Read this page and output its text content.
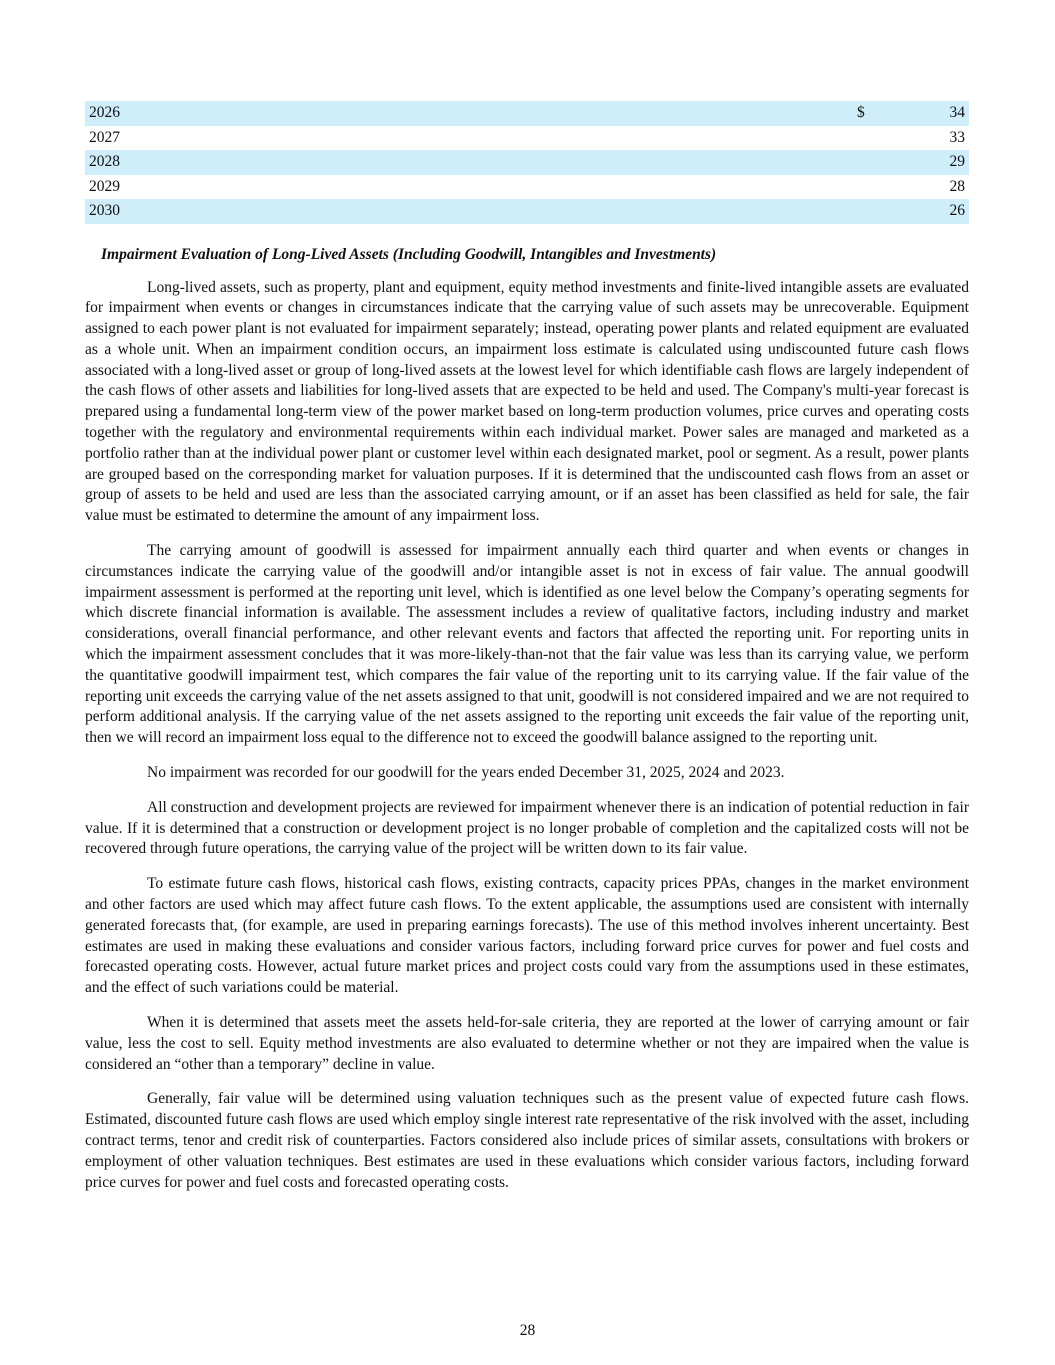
2026	$	34
2027		33
2028		29
2029		28
2030		26
Impairment Evaluation of Long-Lived Assets (Including Goodwill, Intangibles and Investments)

Long-lived assets, such as property, plant and equipment, equity method investments and finite-lived intangible assets are evaluated for impairment when events or changes in circumstances indicate that the carrying value of such assets may be unrecoverable. Equipment assigned to each power plant is not evaluated for impairment separately; instead, operating power plants and related equipment are evaluated as a whole unit. When an impairment condition occurs, an impairment loss estimate is calculated using undiscounted future cash flows associated with a long-lived asset or group of long-lived assets at the lowest level for which identifiable cash flows are largely independent of the cash flows of other assets and liabilities for long-lived assets that are expected to be held and used. The Company's multi-year forecast is prepared using a fundamental long-term view of the power market based on long-term production volumes, price curves and operating costs together with the regulatory and environmental requirements within each individual market. Power sales are managed and marketed as a portfolio rather than at the individual power plant or customer level within each designated market, pool or segment. As a result, power plants are grouped based on the corresponding market for valuation purposes. If it is determined that the undiscounted cash flows from an asset or group of assets to be held and used are less than the associated carrying amount, or if an asset has been classified as held for sale, the fair value must be estimated to determine the amount of any impairment loss.

The carrying amount of goodwill is assessed for impairment annually each third quarter and when events or changes in circumstances indicate the carrying value of the goodwill and/or intangible asset is not in excess of fair value. The annual goodwill impairment assessment is performed at the reporting unit level, which is identified as one level below the Company’s operating segments for which discrete financial information is available. The assessment includes a review of qualitative factors, including industry and market considerations, overall financial performance, and other relevant events and factors that affected the reporting unit. For reporting units in which the impairment assessment concludes that it was more-likely-than-not that the fair value was less than its carrying value, we perform the quantitative goodwill impairment test, which compares the fair value of the reporting unit to its carrying value. If the fair value of the reporting unit exceeds the carrying value of the net assets assigned to that unit, goodwill is not considered impaired and we are not required to perform additional analysis. If the carrying value of the net assets assigned to the reporting unit exceeds the fair value of the reporting unit, then we will record an impairment loss equal to the difference not to exceed the goodwill balance assigned to the reporting unit.

No impairment was recorded for our goodwill for the years ended December 31, 2025, 2024 and 2023.

All construction and development projects are reviewed for impairment whenever there is an indication of potential reduction in fair value. If it is determined that a construction or development project is no longer probable of completion and the capitalized costs will not be recovered through future operations, the carrying value of the project will be written down to its fair value.

To estimate future cash flows, historical cash flows, existing contracts, capacity prices PPAs, changes in the market environment and other factors are used which may affect future cash flows. To the extent applicable, the assumptions used are consistent with internally generated forecasts that, (for example, are used in preparing earnings forecasts). The use of this method involves inherent uncertainty. Best estimates are used in making these evaluations and consider various factors, including forward price curves for power and fuel costs and forecasted operating costs. However, actual future market prices and project costs could vary from the assumptions used in these estimates, and the effect of such variations could be material.

When it is determined that assets meet the assets held-for-sale criteria, they are reported at the lower of carrying amount or fair value, less the cost to sell. Equity method investments are also evaluated to determine whether or not they are impaired when the value is considered an “other than a temporary” decline in value.

Generally, fair value will be determined using valuation techniques such as the present value of expected future cash flows. Estimated, discounted future cash flows are used which employ single interest rate representative of the risk involved with the asset, including contract terms, tenor and credit risk of counterparties. Factors considered also include prices of similar assets, consultations with brokers or employment of other valuation techniques. Best estimates are used in these evaluations which consider various factors, including forward price curves for power and fuel costs and forecasted operating costs.

28
